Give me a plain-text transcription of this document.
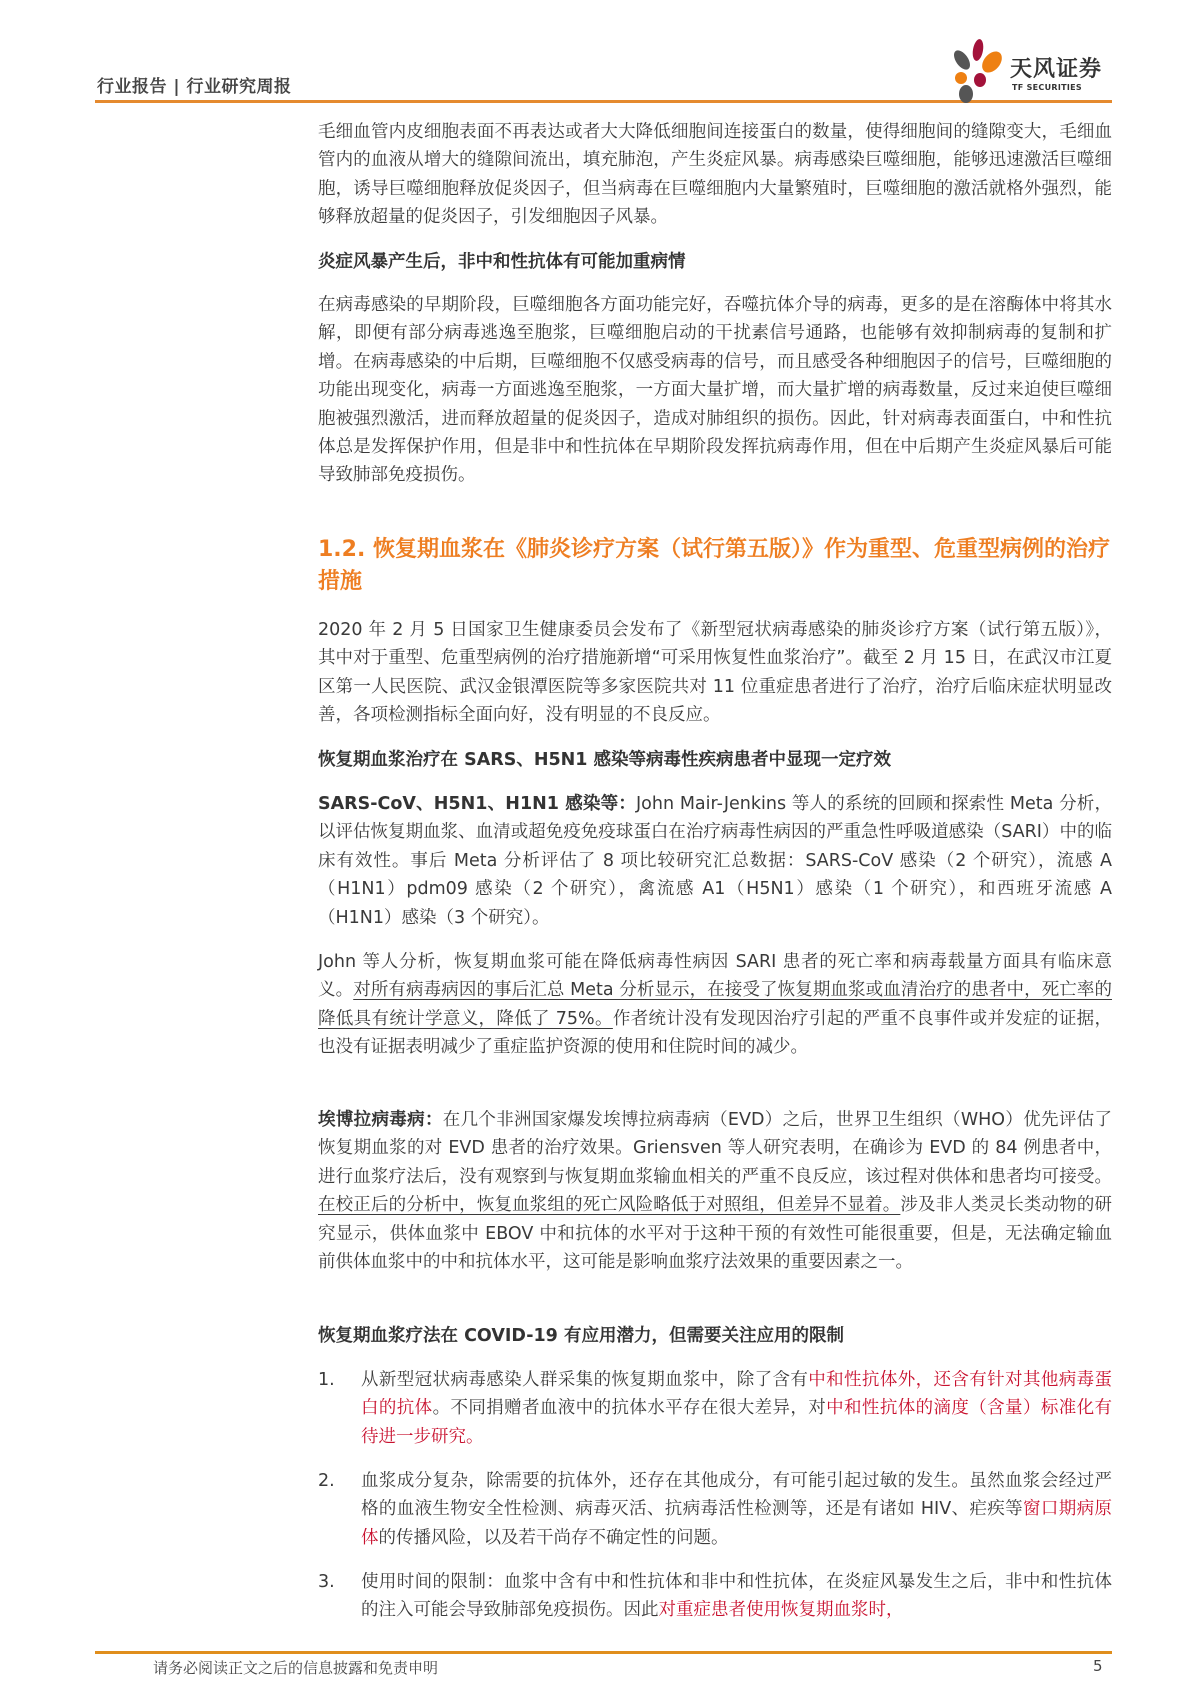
行业报告 | 行业研究周报
天风证券
TF SECURITIES
毛细血管内皮细胞表面不再表达或者大大降低细胞间连接蛋白的数量，使得细胞间的缝隙变大，毛细血管内的血液从增大的缝隙间流出，填充肺泡，产生炎症风暴。病毒感染巨噬细胞，能够迅速激活巨噬细胞，诱导巨噬细胞释放促炎因子，但当病毒在巨噬细胞内大量繁殖时，巨噬细胞的激活就格外强烈，能够释放超量的促炎因子，引发细胞因子风暴。
炎症风暴产生后，非中和性抗体有可能加重病情
在病毒感染的早期阶段，巨噬细胞各方面功能完好，吞噬抗体介导的病毒，更多的是在溶酶体中将其水解，即便有部分病毒逃逸至胞浆，巨噬细胞启动的干扰素信号通路，也能够有效抑制病毒的复制和扩增。在病毒感染的中后期，巨噬细胞不仅感受病毒的信号，而且感受各种细胞因子的信号，巨噬细胞的功能出现变化，病毒一方面逃逸至胞浆，一方面大量扩增，而大量扩增的病毒数量，反过来迫使巨噬细胞被强烈激活，进而释放超量的促炎因子，造成对肺组织的损伤。因此，针对病毒表面蛋白，中和性抗体总是发挥保护作用，但是非中和性抗体在早期阶段发挥抗病毒作用，但在中后期产生炎症风暴后可能导致肺部免疫损伤。
1.2. 恢复期血浆在《肺炎诊疗方案（试行第五版）》作为重型、危重型病例的治疗措施
2020 年 2 月 5 日国家卫生健康委员会发布了《新型冠状病毒感染的肺炎诊疗方案（试行第五版）》，其中对于重型、危重型病例的治疗措施新增“可采用恢复性血浆治疗”。截至 2 月 15 日，在武汉市江夏区第一人民医院、武汉金银潭医院等多家医院共对 11 位重症患者进行了治疗，治疗后临床症状明显改善，各项检测指标全面向好，没有明显的不良反应。
恢复期血浆治疗在 SARS、H5N1 感染等病毒性疾病患者中显现一定疗效
SARS-CoV、H5N1、H1N1 感染等：John Mair-Jenkins 等人的系统的回顾和探索性 Meta 分析，以评估恢复期血浆、血清或超免疫免疫球蛋白在治疗病毒性病因的严重急性呼吸道感染（SARI）中的临床有效性。事后 Meta 分析评估了 8 项比较研究汇总数据：SARS-CoV 感染（2 个研究），流感 A（H1N1）pdm09 感染（2 个研究），禽流感 A1（H5N1）感染（1 个研究），和西班牙流感 A（H1N1）感染（3 个研究）。
John 等人分析，恢复期血浆可能在降低病毒性病因 SARI 患者的死亡率和病毒载量方面具有临床意义。对所有病毒病因的事后汇总 Meta 分析显示，在接受了恢复期血浆或血清治疗的患者中，死亡率的降低具有统计学意义，降低了 75%。作者统计没有发现因治疗引起的严重不良事件或并发症的证据，也没有证据表明减少了重症监护资源的使用和住院时间的减少。
埃博拉病毒病：在几个非洲国家爆发埃博拉病毒病（EVD）之后，世界卫生组织（WHO）优先评估了恢复期血浆的对 EVD 患者的治疗效果。Griensven 等人研究表明，在确诊为 EVD 的 84 例患者中，进行血浆疗法后，没有观察到与恢复期血浆输血相关的严重不良反应，该过程对供体和患者均可接受。在校正后的分析中，恢复血浆组的死亡风险略低于对照组，但差异不显着。涉及非人类灵长类动物的研究显示，供体血浆中 EBOV 中和抗体的水平对于这种干预的有效性可能很重要，但是，无法确定输血前供体血浆中的中和抗体水平，这可能是影响血浆疗法效果的重要因素之一。
恢复期血浆疗法在 COVID-19 有应用潜力，但需要关注应用的限制
1. 从新型冠状病毒感染人群采集的恢复期血浆中，除了含有中和性抗体外，还含有针对其他病毒蛋白的抗体。不同捐赠者血液中的抗体水平存在很大差异，对中和性抗体的滴度（含量）标准化有待进一步研究。
2. 血浆成分复杂，除需要的抗体外，还存在其他成分，有可能引起过敏的发生。虽然血浆会经过严格的血液生物安全性检测、病毒灭活、抗病毒活性检测等，还是有诸如 HIV、疟疾等窗口期病原体的传播风险，以及若干尚存不确定性的问题。
3. 使用时间的限制：血浆中含有中和性抗体和非中和性抗体，在炎症风暴发生之后，非中和性抗体的注入可能会导致肺部免疫损伤。因此对重症患者使用恢复期血浆时，
请务必阅读正文之后的信息披露和免责申明	5
